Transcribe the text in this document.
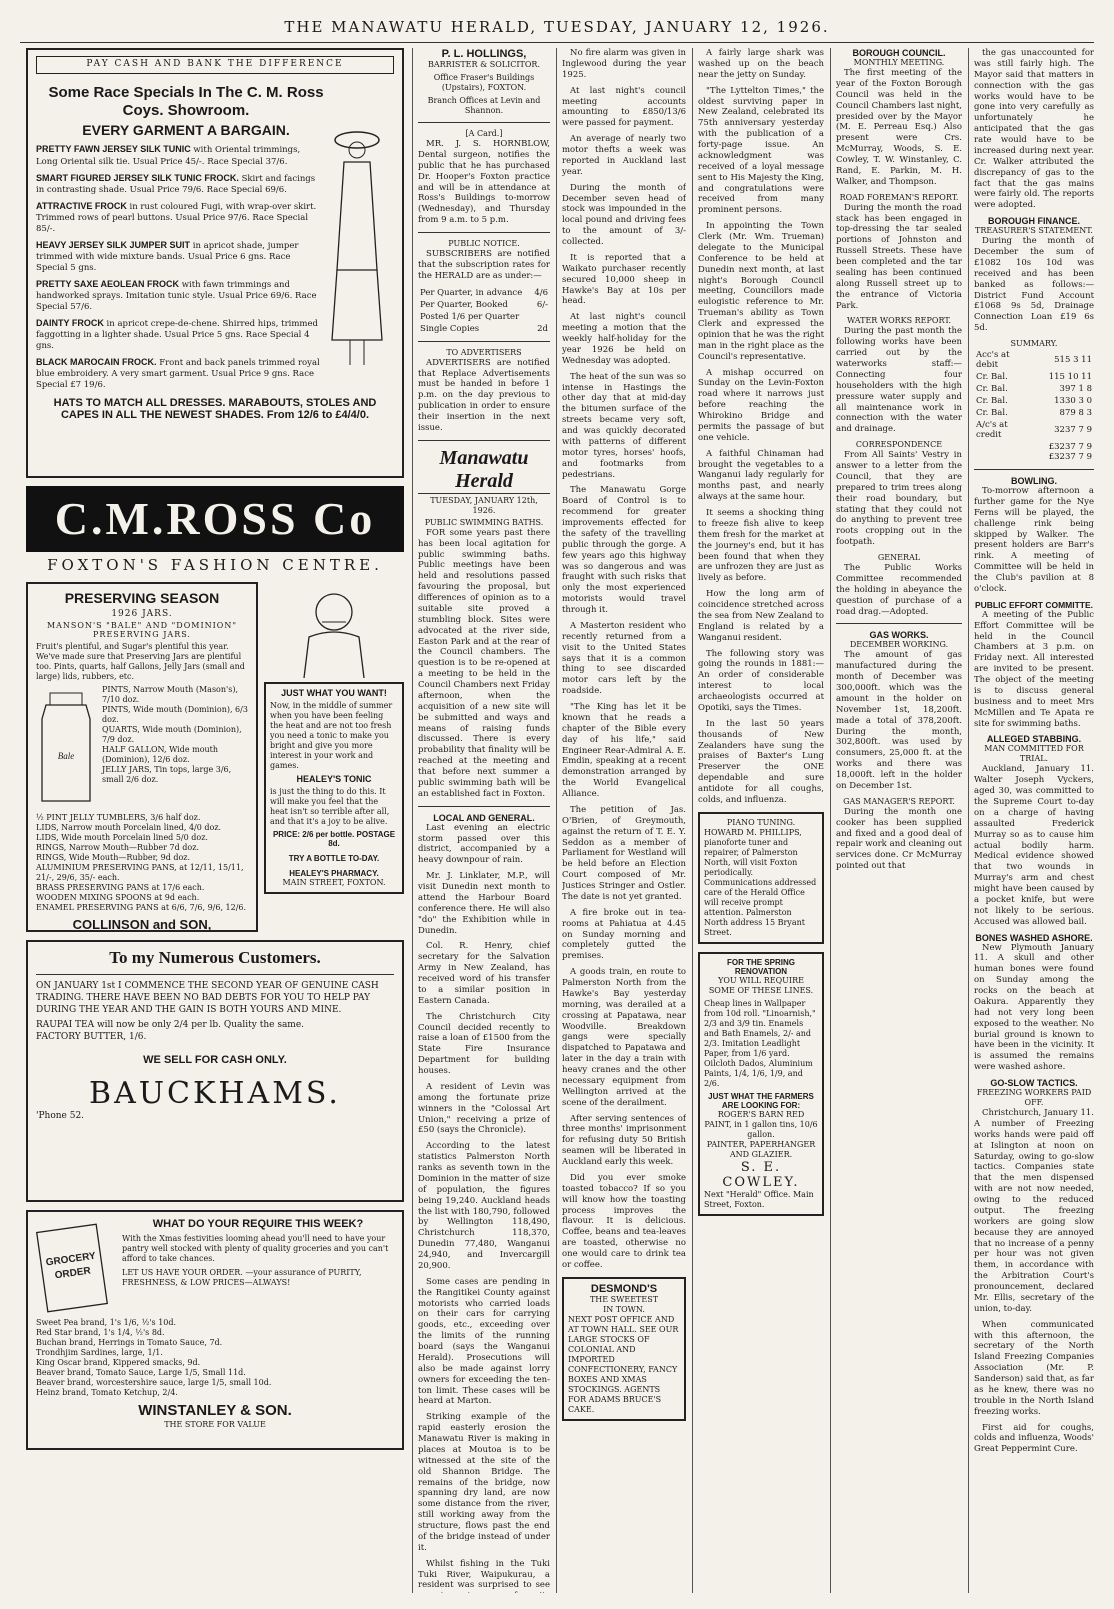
THE MANAWATU HERALD, TUESDAY, JANUARY 12, 1926.
PAY CASH AND BANK THE DIFFERENCE
Some Race Specials In The C. M. Ross Coys. Showroom.
EVERY GARMENT A BARGAIN.
PRETTY FAWN JERSEY SILK TUNIC with Oriental trimmings, Long Oriental silk tie. Usual Price 45/-. Race Special 37/6.
SMART FIGURED JERSEY SILK TUNIC FROCK. Skirt and facings in contrasting shade. Usual Price 79/6. Race Special 69/6.
ATTRACTIVE FROCK in rust coloured Fugi, with wrap-over skirt. Trimmed rows of pearl buttons. Usual Price 97/6. Race Special 85/-.
HEAVY JERSEY SILK JUMPER SUIT in apricot shade, jumper trimmed with wide mixture bands. Usual Price 6 gns. Race Special 5 gns.
PRETTY SAXE AEOLEAN FROCK with fawn trimmings and handworked sprays. Imitation tunic style. Usual Price 69/6. Race Special 57/6.
DAINTY FROCK in apricot crepe-de-chene. Shirred hips, trimmed faggotting in a lighter shade. Usual Price 5 gns. Race Special 4 gns.
BLACK MAROCAIN FROCK. Front and back panels trimmed royal blue embroidery. A very smart garment. Usual Price 9 gns. Race Special £7 19/6.
HATS TO MATCH ALL DRESSES. MARABOUTS, STOLES AND CAPES IN ALL THE NEWEST SHADES. From 12/6 to £4/4/0.
C.M.ROSS Co
FOXTON'S FASHION CENTRE.
PRESERVING SEASON
1926 JARS.
MANSON'S "BALE" AND "DOMINION" PRESERVING JARS.
Fruit's plentiful, and Sugar's plentiful this year. We've made sure that Preserving Jars are plentiful too. Pints, quarts, half Gallons, Jelly Jars (small and large) lids, rubbers, etc.
Bale
PINTS, Narrow Mouth (Mason's), 7/10 doz.
PINTS, Wide mouth (Dominion), 6/3 doz.
QUARTS, Wide mouth (Dominion), 7/9 doz.
HALF GALLON, Wide mouth (Dominion), 12/6 doz.
JELLY JARS, Tin tops, large 3/6, small 2/6 doz.
½ PINT JELLY TUMBLERS, 3/6 half doz.
LIDS, Narrow mouth Porcelain lined, 4/0 doz.
LIDS, Wide mouth Porcelain lined 5/0 doz.
RINGS, Narrow Mouth—Rubber 7d doz.
RINGS, Wide Mouth—Rubber, 9d doz.
ALUMINIUM PRESERVING PANS, at 12/11, 15/11, 21/-, 29/6, 35/- each.
BRASS PRESERVING PANS at 17/6 each.
WOODEN MIXING SPOONS at 9d each.
ENAMEL PRESERVING PANS at 6/6, 7/6, 9/6, 12/6.
COLLINSON and SON,
JUST WHAT YOU WANT!
Now, in the middle of summer when you have been feeling the heat and are not too fresh you need a tonic to make you bright and give you more interest in your work and games.
HEALEY'S TONIC
is just the thing to do this. It will make you feel that the heat isn't so terrible after all, and that it's a joy to be alive.
PRICE: 2/6 per bottle. POSTAGE 8d.
TRY A BOTTLE TO-DAY.
HEALEY'S PHARMACY.
MAIN STREET, FOXTON.
To my Numerous Customers.
ON JANUARY 1st I COMMENCE THE SECOND YEAR OF GENUINE CASH TRADING. THERE HAVE BEEN NO BAD DEBTS FOR YOU TO HELP PAY DURING THE YEAR AND THE GAIN IS BOTH YOURS AND MINE.
RAUPAI TEA will now be only 2/4 per lb. Quality the same.
FACTORY BUTTER, 1/6.
WE SELL FOR CASH ONLY.
BAUCKHAMS.
'Phone 52.
GROCERY
ORDER
WHAT DO YOUR REQUIRE THIS WEEK?
With the Xmas festivities looming ahead you'll need to have your pantry well stocked with plenty of quality groceries and you can't afford to take chances.
LET US HAVE YOUR ORDER. —your assurance of PURITY, FRESHNESS, & LOW PRICES—ALWAYS!
Sweet Pea brand, 1's 1/6, ½'s 10d.
Red Star brand, 1's 1/4, ½'s 8d.
Buchan brand, Herrings in Tomato Sauce, 7d.
Trondhjim Sardines, large, 1/1.
King Oscar brand, Kippered smacks, 9d.
Beaver brand, Tomato Sauce, Large 1/5, Small 11d.
Beaver brand, worcestershire sauce, large 1/5, small 10d.
Heinz brand, Tomato Ketchup, 2/4.
WINSTANLEY & SON.
THE STORE FOR VALUE
P. L. HOLLINGS,
BARRISTER & SOLICITOR.
Office Fraser's Buildings (Upstairs), FOXTON.
Branch Offices at Levin and Shannon.
[A Card.]
MR. J. S. HORNBLOW, Dental surgeon, notifies the public that he has purchased Dr. Hooper's Foxton practice and will be in attendance at Ross's Buildings to-morrow (Wednesday), and Thursday from 9 a.m. to 5 p.m.
PUBLIC NOTICE.
SUBSCRIBERS are notified that the subscription rates for the HERALD are as under:—
Per Quarter, in advance	4/6
Per Quarter, Booked	6/-
Posted 1/6 per Quarter	
Single Copies	2d
TO ADVERTISERS
ADVERTISERS are notified that Replace Advertisements must be handed in before 1 p.m. on the day previous to publication in order to ensure their insertion in the next issue.
Manawatu Herald
TUESDAY, JANUARY 12th, 1926.
PUBLIC SWIMMING BATHS.
FOR some years past there has been local agitation for public swimming baths. Public meetings have been held and resolutions passed favouring the proposal, but differences of opinion as to a suitable site proved a stumbling block. Sites were advocated at the river side, Easton Park and at the rear of the Council chambers. The question is to be re-opened at a meeting to be held in the Council Chambers next Friday afternoon, when the acquisition of a new site will be submitted and ways and means of raising funds discussed. There is every probability that finality will be reached at the meeting and that before next summer a public swimming bath will be an established fact in Foxton.
LOCAL AND GENERAL.
Last evening an electric storm passed over this district, accompanied by a heavy downpour of rain.
Mr. J. Linklater, M.P., will visit Dunedin next month to attend the Harbour Board conference there. He will also "do" the Exhibition while in Dunedin.
Col. R. Henry, chief secretary for the Salvation Army in New Zealand, has received word of his transfer to a similar position in Eastern Canada.
The Christchurch City Council decided recently to raise a loan of £1500 from the State Fire Insurance Department for building houses.
A resident of Levin was among the fortunate prize winners in the "Colossal Art Union," receiving a prize of £50 (says the Chronicle).
According to the latest statistics Palmerston North ranks as seventh town in the Dominion in the matter of size of population, the figures being 19,240. Auckland heads the list with 180,790, followed by Wellington 118,490, Christchurch 118,370, Dunedin 77,480, Wanganui 24,940, and Invercargill 20,900.
Some cases are pending in the Rangitikei County against motorists who carried loads on their cars for carrying goods, etc., exceeding over the limits of the running board (says the Wanganui Herald). Prosecutions will also be made against lorry owners for exceeding the ten-ton limit. These cases will be heard at Marton.
Striking example of the rapid easterly erosion the Manawatu River is making in places at Moutoa is to be witnessed at the site of the old Shannon Bridge. The remains of the bridge, now spanning dry land, are now some distance from the river, still working away from the structure, flows past the end of the bridge instead of under it.
Whilst fishing in the Tuki Tuki River, Waipukurau, a resident was surprised to see
No fire alarm was given in Inglewood during the year 1925.
At last night's council meeting accounts amounting to £850/13/6 were passed for payment.
An average of nearly two motor thefts a week was reported in Auckland last year.
During the month of December seven head of stock was impounded in the local pound and driving fees to the amount of 3/- collected.
It is reported that a Waikato purchaser recently secured 10,000 sheep in Hawke's Bay at 10s per head.
At last night's council meeting a motion that the weekly half-holiday for the year 1926 be held on Wednesday was adopted.
The heat of the sun was so intense in Hastings the other day that at mid-day the bitumen surface of the streets became very soft, and was quickly decorated with patterns of different motor tyres, horses' hoofs, and footmarks from pedestrians.
The Manawatu Gorge Board of Control is to recommend for greater improvements effected for the safety of the travelling public through the gorge. A few years ago this highway was so dangerous and was fraught with such risks that only the most experienced motorists would travel through it.
A Masterton resident who recently returned from a visit to the United States says that it is a common thing to see discarded motor cars left by the roadside.
"The King has let it be known that he reads a chapter of the Bible every day of his life," said Engineer Rear-Admiral A. E. Emdin, speaking at a recent demonstration arranged by the World Evangelical Alliance.
The petition of Jas. O'Brien, of Greymouth, against the return of T. E. Y. Seddon as a member of Parliament for Westland will be held before an Election Court composed of Mr. Justices Stringer and Ostler. The date is not yet granted.
A fire broke out in tea-rooms at Pahiatua at 4.45 on Sunday morning and completely gutted the premises.
A goods train, en route to Palmerston North from the Hawke's Bay yesterday morning, was derailed at a crossing at Papatawa, near Woodville. Breakdown gangs were specially dispatched to Papatawa and later in the day a train with heavy cranes and the other necessary equipment from Wellington arrived at the scene of the derailment.
After serving sentences of three months' imprisonment for refusing duty 50 British seamen will be liberated in Auckland early this week.
Did you ever smoke toasted tobacco? If so you will know how the toasting process improves the flavour. It is delicious. Coffee, beans and tea-leaves are toasted, otherwise no one would care to drink tea or coffee.
DESMOND'S
THE SWEETEST
IN TOWN.
NEXT POST OFFICE AND AT TOWN HALL. SEE OUR LARGE STOCKS OF COLONIAL AND IMPORTED CONFECTIONERY, FANCY BOXES AND XMAS STOCKINGS. AGENTS FOR ADAMS BRUCE'S CAKE.
A fairly large shark was washed up on the beach near the jetty on Sunday.
"The Lyttelton Times," the oldest surviving paper in New Zealand, celebrated its 75th anniversary yesterday with the publication of a forty-page issue. An acknowledgment was received of a loyal message sent to His Majesty the King, and congratulations were received from many prominent persons.
In appointing the Town Clerk (Mr. Wm. Trueman) delegate to the Municipal Conference to be held at Dunedin next month, at last night's Borough Council meeting, Councillors made eulogistic reference to Mr. Trueman's ability as Town Clerk and expressed the opinion that he was the right man in the right place as the Council's representative.
A mishap occurred on Sunday on the Levin-Foxton road where it narrows just before reaching the Whirokino Bridge and permits the passage of but one vehicle.
A faithful Chinaman had brought the vegetables to a Wanganui lady regularly for months past, and nearly always at the same hour.
It seems a shocking thing to freeze fish alive to keep them fresh for the market at the journey's end, but it has been found that when they are unfrozen they are just as lively as before.
How the long arm of coincidence stretched across the sea from New Zealand to England is related by a Wanganui resident.
The following story was going the rounds in 1881:—An order of considerable interest to local archaeologists occurred at Opotiki, says the Times.
In the last 50 years thousands of New Zealanders have sung the praises of Baxter's Lung Preserver the ONE dependable and sure antidote for all coughs, colds, and influenza.
PIANO TUNING.
HOWARD M. PHILLIPS, pianoforte tuner and repairer, of Palmerston North, will visit Foxton periodically. Communications addressed care of the Herald Office will receive prompt attention. Palmerston North address 15 Bryant Street.
FOR THE SPRING RENOVATION
YOU WILL REQUIRE SOME OF THESE LINES.
Cheap lines in Wallpaper from 10d roll. "Linoarnish," 2/3 and 3/9 tin. Enamels and Bath Enamels, 2/- and 2/3. Imitation Leadlight Paper, from 1/6 yard. Oilcloth Dados, Aluminium Paints, 1/4, 1/6, 1/9, and 2/6.
JUST WHAT THE FARMERS ARE LOOKING FOR:
ROGER'S BARN RED PAINT, in 1 gallon tins, 10/6 gallon.
PAINTER, PAPERHANGER AND GLAZIER.
S. E. COWLEY.
Next "Herald" Office. Main Street, Foxton.
BOROUGH COUNCIL.
MONTHLY MEETING.
The first meeting of the year of the Foxton Borough Council was held in the Council Chambers last night, presided over by the Mayor (M. E. Perreau Esq.) Also present were Crs. McMurray, Woods, S. E. Cowley, T. W. Winstanley, C. Rand, E. Parkin, M. H. Walker, and Thompson.
ROAD FOREMAN'S REPORT.
During the month the road stack has been engaged in top-dressing the tar sealed portions of Johnston and Russell Streets. These have been completed and the tar sealing has been continued along Russell street up to the entrance of Victoria Park.
WATER WORKS REPORT.
During the past month the following works have been carried out by the waterworks staff:—Connecting four householders with the high pressure water supply and all maintenance work in connection with the water and drainage.
CORRESPONDENCE
From All Saints' Vestry in answer to a letter from the Council, that they are prepared to trim trees along their road boundary, but stating that they could not do anything to prevent tree roots cropping out in the footpath.
GENERAL
The Public Works Committee recommended the holding in abeyance the question of purchase of a road drag.—Adopted.
GAS WORKS.
DECEMBER WORKING.
The amount of gas manufactured during the month of December was 300,000ft. which was the amount in the holder on November 1st, 18,200ft. made a total of 378,200ft. During the month, 302,800ft. was used by consumers, 25,000 ft. at the works and there was 18,000ft. left in the holder on December 1st.
GAS MANAGER'S REPORT.
During the month one cooker has been supplied and fixed and a good deal of repair work and cleaning out services done. Cr McMurray pointed out that
the gas unaccounted for was still fairly high. The Mayor said that matters in connection with the gas works would have to be gone into very carefully as unfortunately he anticipated that the gas rate would have to be increased during next year. Cr. Walker attributed the discrepancy of gas to the fact that the gas mains were fairly old. The reports were adopted.
BOROUGH FINANCE.
TREASURER'S STATEMENT.
During the month of December the sum of £1082 10s 10d was received and has been banked as follows:—District Fund Account £1068 9s 5d, Drainage Connection Loan £19 6s 5d.
SUMMARY.
Acc's at debit	515 3 11
Cr. Bal.	115 10 11
Cr. Bal.	397 1 8
Cr. Bal.	1330 3 0
Cr. Bal.	879 8 3
A/c's at credit	3237 7 9
	£3237 7 9 £3237 7 9
BOWLING.
To-morrow afternoon a further game for the Nye Ferns will be played, the challenge rink being skipped by Walker. The present holders are Barr's rink. A meeting of Committee will be held in the Club's pavilion at 8 o'clock.
PUBLIC EFFORT COMMITTE.
A meeting of the Public Effort Committee will be held in the Council Chambers at 3 p.m. on Friday next. All interested are invited to be present. The object of the meeting is to discuss general business and to meet Mrs McMillen and Te Apata re site for swimming baths.
ALLEGED STABBING.
MAN COMMITTED FOR TRIAL.
Auckland, January 11. Walter Joseph Vyckers, aged 30, was committed to the Supreme Court to-day on a charge of having assaulted Frederick Murray so as to cause him actual bodily harm. Medical evidence showed that two wounds in Murray's arm and chest might have been caused by a pocket knife, but were not likely to be serious. Accused was allowed bail.
BONES WASHED ASHORE.
New Plymouth January 11. A skull and other human bones were found on Sunday among the rocks on the beach at Oakura. Apparently they had not very long been exposed to the weather. No burial ground is known to have been in the vicinity. It is assumed the remains were washed ashore.
GO-SLOW TACTICS.
FREEZING WORKERS PAID OFF.
Christchurch, January 11. A number of Freezing works hands were paid off at Islington at noon on Saturday, owing to go-slow tactics. Companies state that the men dispensed with are not now needed, owing to the reduced output. The freezing workers are going slow because they are annoyed that no increase of a penny per hour was not given them, in accordance with the Arbitration Court's pronouncement, declared Mr. Ellis, secretary of the union, to-day.
When communicated with this afternoon, the secretary of the North Island Freezing Companies Association (Mr. P. Sanderson) said that, as far as he knew, there was no trouble in the North Island freezing works.
First aid for coughs, colds and influenza, Woods' Great Peppermint Cure.
